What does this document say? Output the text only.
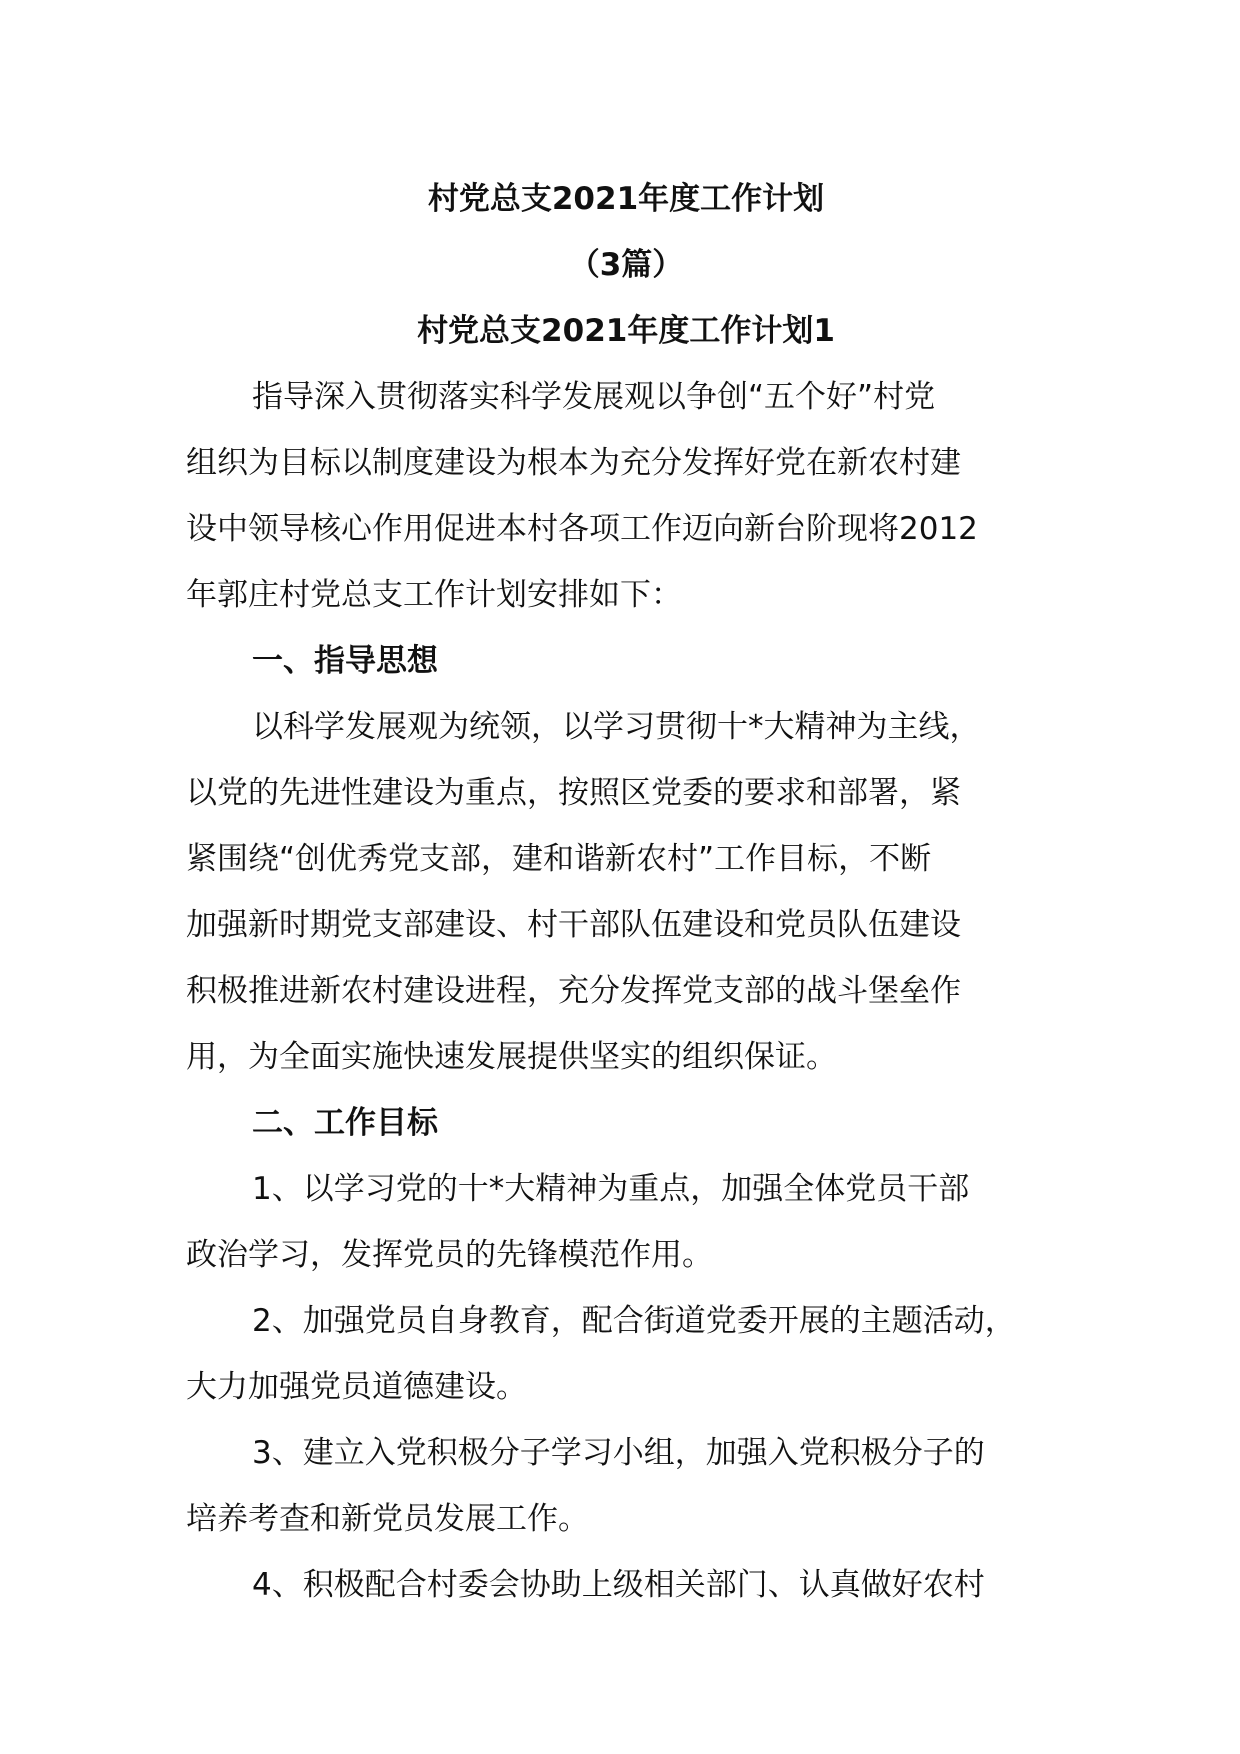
村党总支2021年度工作计划
（3篇）
村党总支2021年度工作计划1
指导深入贯彻落实科学发展观以争创“五个好”村党
组织为目标以制度建设为根本为充分发挥好党在新农村建
设中领导核心作用促进本村各项工作迈向新台阶现将2012
年郭庄村党总支工作计划安排如下：
一、指导思想
以科学发展观为统领，以学习贯彻十*大精神为主线，
以党的先进性建设为重点，按照区党委的要求和部署，紧
紧围绕“创优秀党支部，建和谐新农村”工作目标，不断
加强新时期党支部建设、村干部队伍建设和党员队伍建设
积极推进新农村建设进程，充分发挥党支部的战斗堡垒作
用，为全面实施快速发展提供坚实的组织保证。
二、工作目标
1、以学习党的十*大精神为重点，加强全体党员干部
政治学习，发挥党员的先锋模范作用。
2、加强党员自身教育，配合街道党委开展的主题活动，
大力加强党员道德建设。
3、建立入党积极分子学习小组，加强入党积极分子的
培养考查和新党员发展工作。
4、积极配合村委会协助上级相关部门、认真做好农村
